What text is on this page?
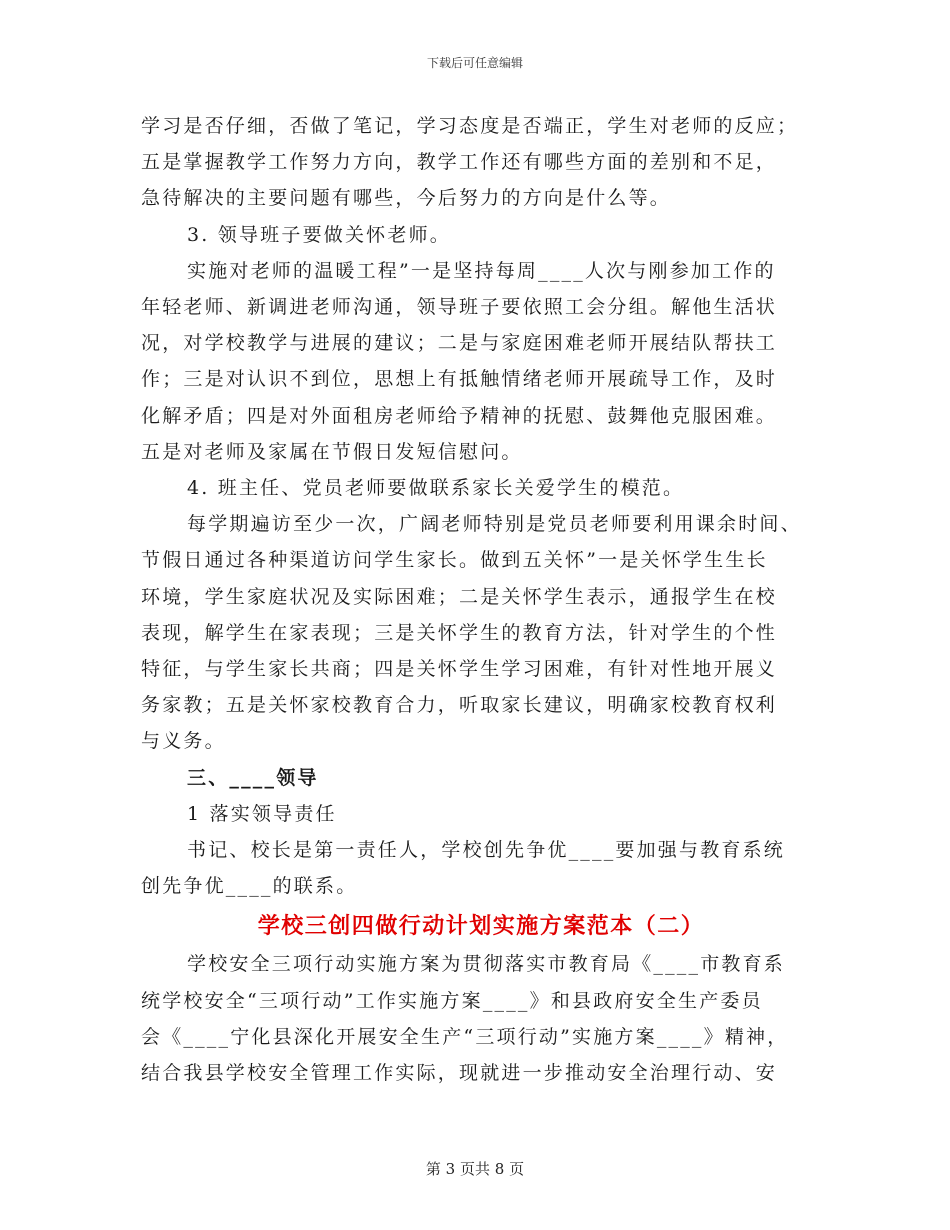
下载后可任意编辑
学习是否仔细，否做了笔记，学习态度是否端正，学生对老师的反应；
五是掌握教学工作努力方向，教学工作还有哪些方面的差别和不足，
急待解决的主要问题有哪些，今后努力的方向是什么等。
3. 领导班子要做关怀老师。
实施对老师的温暖工程”一是坚持每周____人次与刚参加工作的
年轻老师、新调进老师沟通，领导班子要依照工会分组。解他生活状
况，对学校教学与进展的建议；二是与家庭困难老师开展结队帮扶工
作；三是对认识不到位，思想上有抵触情绪老师开展疏导工作，及时
化解矛盾；四是对外面租房老师给予精神的抚慰、鼓舞他克服困难。
五是对老师及家属在节假日发短信慰问。
4. 班主任、党员老师要做联系家长关爱学生的模范。
每学期遍访至少一次，广阔老师特别是党员老师要利用课余时间、
节假日通过各种渠道访问学生家长。做到五关怀”一是关怀学生生长
环境，学生家庭状况及实际困难；二是关怀学生表示，通报学生在校
表现，解学生在家表现；三是关怀学生的教育方法，针对学生的个性
特征，与学生家长共商；四是关怀学生学习困难，有针对性地开展义
务家教；五是关怀家校教育合力，听取家长建议，明确家校教育权利
与义务。
三、____领导
1 落实领导责任
书记、校长是第一责任人，学校创先争优____要加强与教育系统
创先争优____的联系。
学校三创四做行动计划实施方案范本（二）
学校安全三项行动实施方案为贯彻落实市教育局《____市教育系
统学校安全“三项行动”工作实施方案____》和县政府安全生产委员
会《____宁化县深化开展安全生产“三项行动”实施方案____》精神，
结合我县学校安全管理工作实际，现就进一步推动安全治理行动、安
第 3 页共 8 页
